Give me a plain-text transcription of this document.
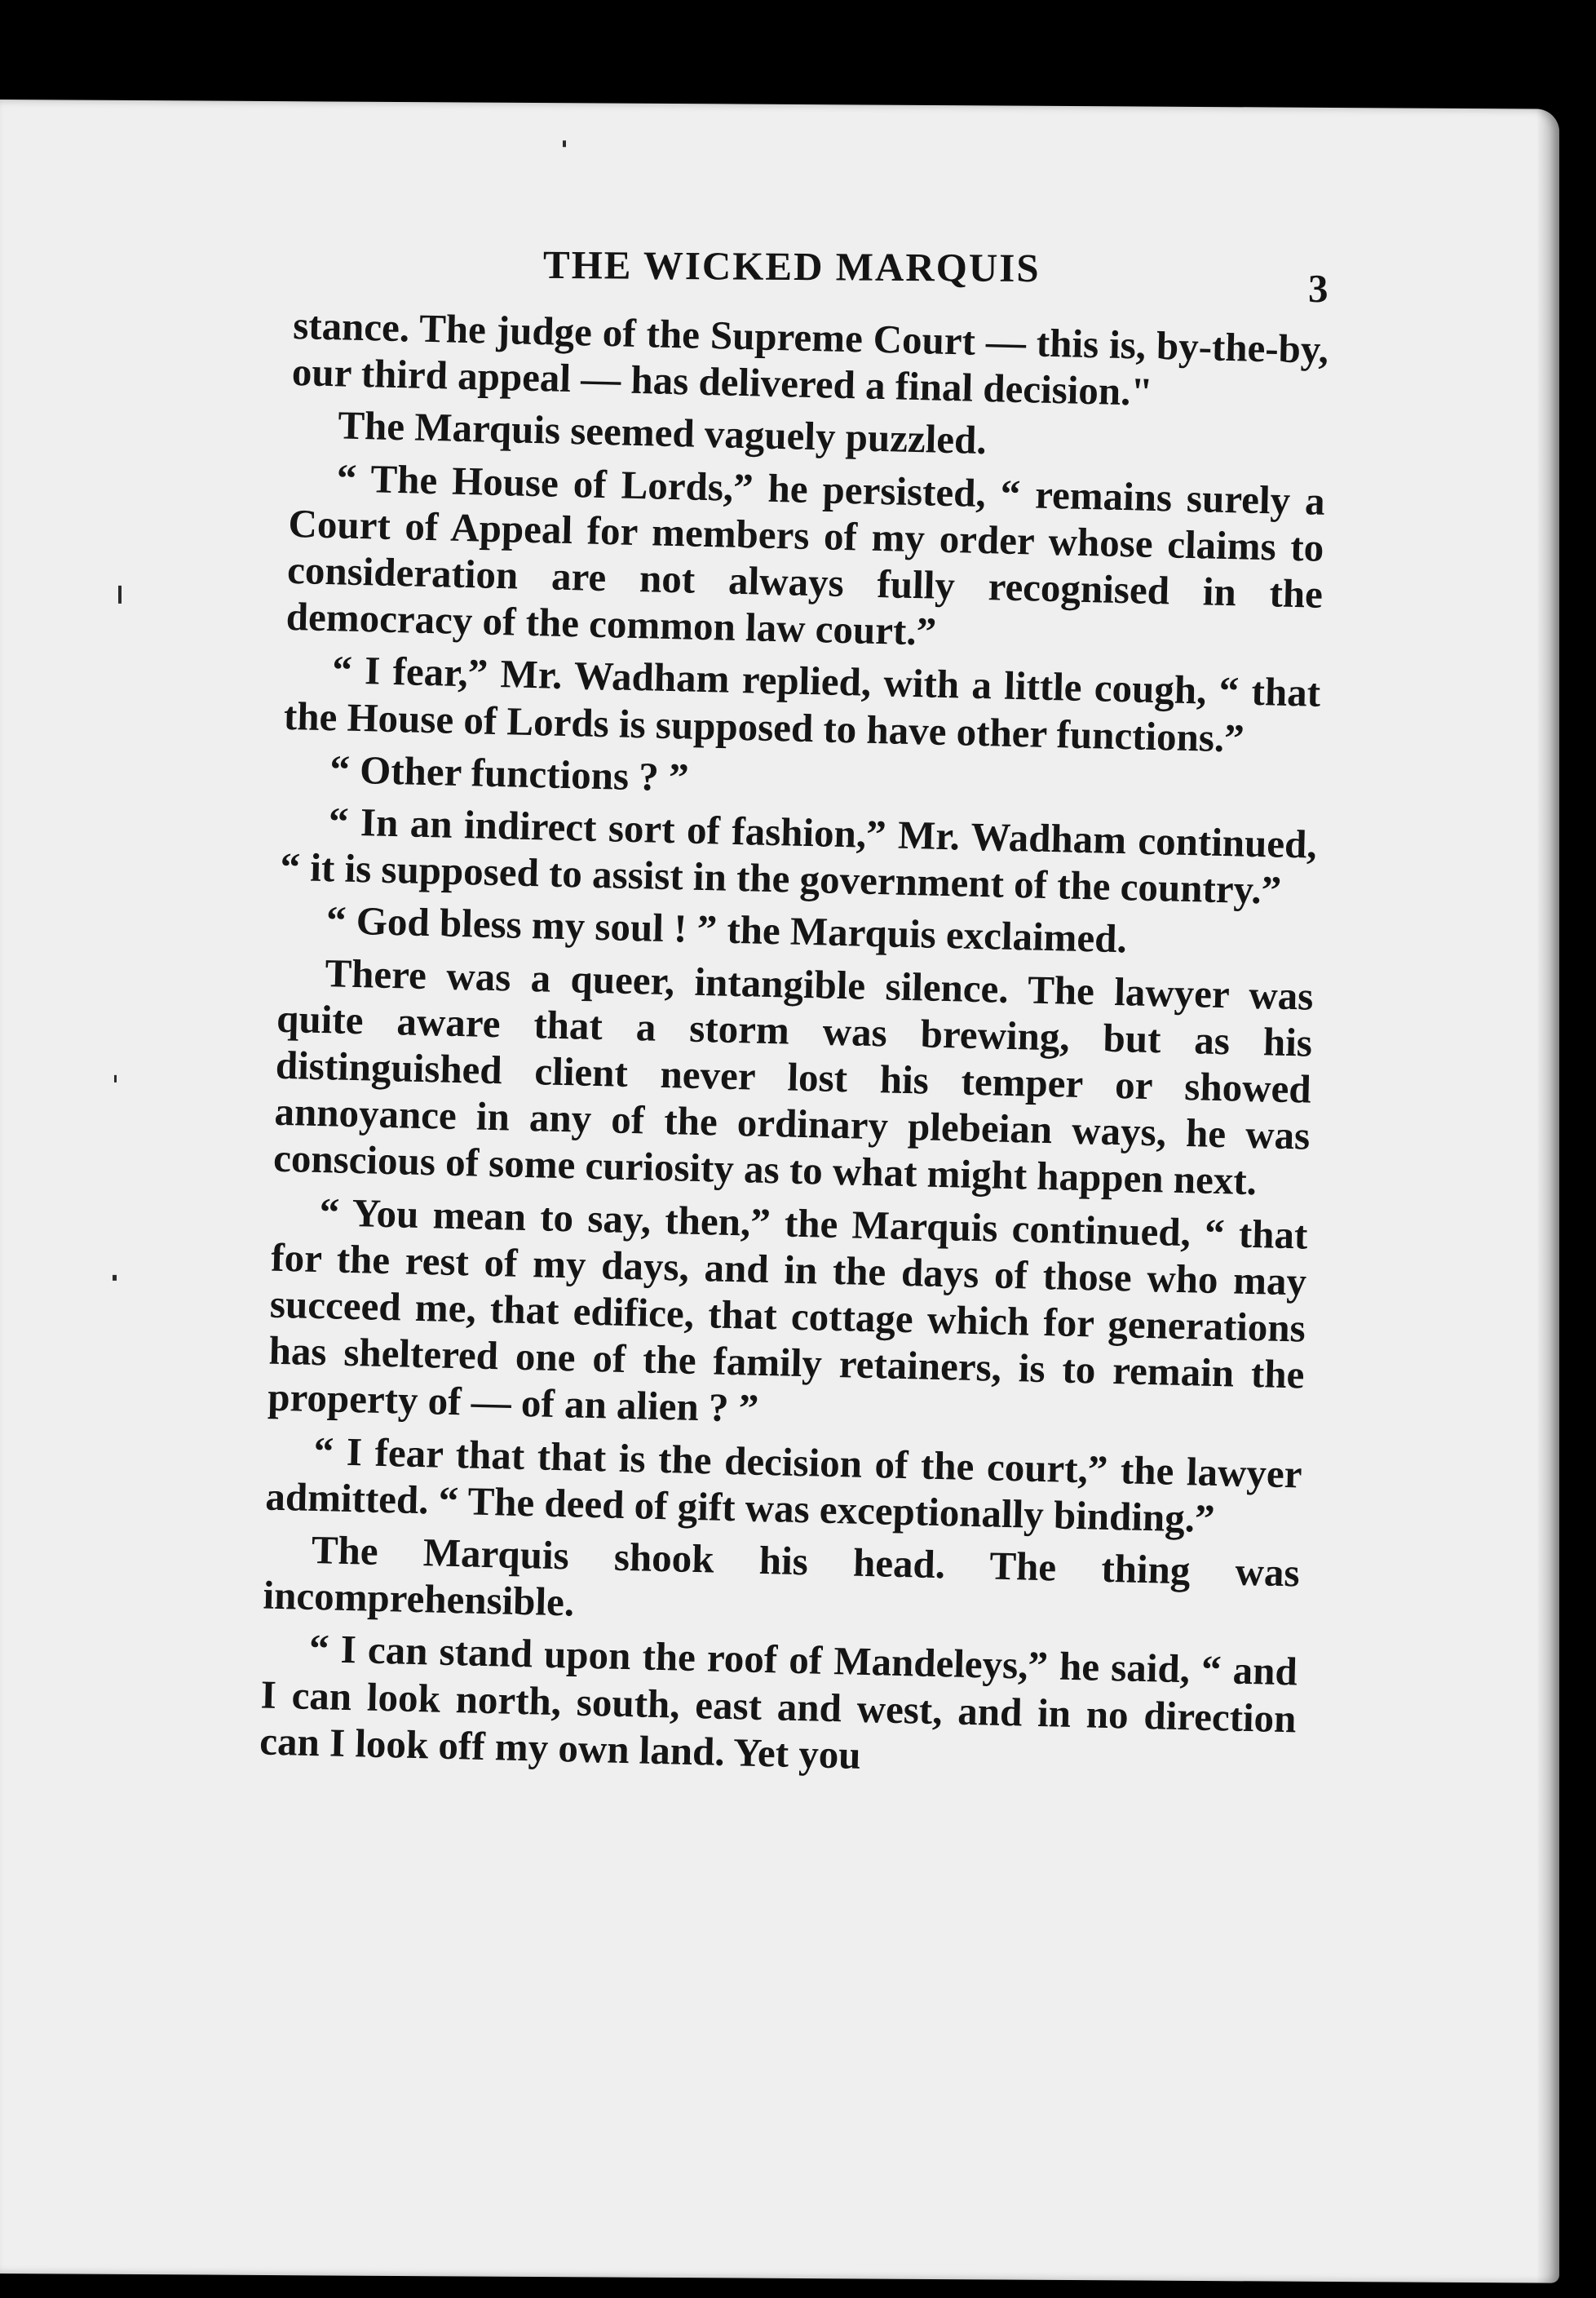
THE WICKED MARQUIS	3

stance. The judge of the Supreme Court — this is, by-the-by, our third appeal — has delivered a final decision."

The Marquis seemed vaguely puzzled.

“ The House of Lords,” he persisted, “ remains surely a Court of Appeal for members of my order whose claims to consideration are not always fully recognised in the democracy of the common law court.”

“ I fear,” Mr. Wadham replied, with a little cough, “ that the House of Lords is supposed to have other functions.”

“ Other functions ? ”

“ In an indirect sort of fashion,” Mr. Wadham continued, “ it is supposed to assist in the government of the country.”

“ God bless my soul ! ” the Marquis exclaimed.

There was a queer, intangible silence. The lawyer was quite aware that a storm was brewing, but as his distinguished client never lost his temper or showed annoyance in any of the ordinary plebeian ways, he was conscious of some curiosity as to what might happen next.

“ You mean to say, then,” the Marquis continued, “ that for the rest of my days, and in the days of those who may succeed me, that edifice, that cottage which for generations has sheltered one of the family retainers, is to remain the property of — of an alien ? ”

“ I fear that that is the decision of the court,” the lawyer admitted. “ The deed of gift was exceptionally binding.”

The Marquis shook his head. The thing was incomprehensible.

“ I can stand upon the roof of Mandeleys,” he said, “ and I can look north, south, east and west, and in no direction can I look off my own land. Yet you
